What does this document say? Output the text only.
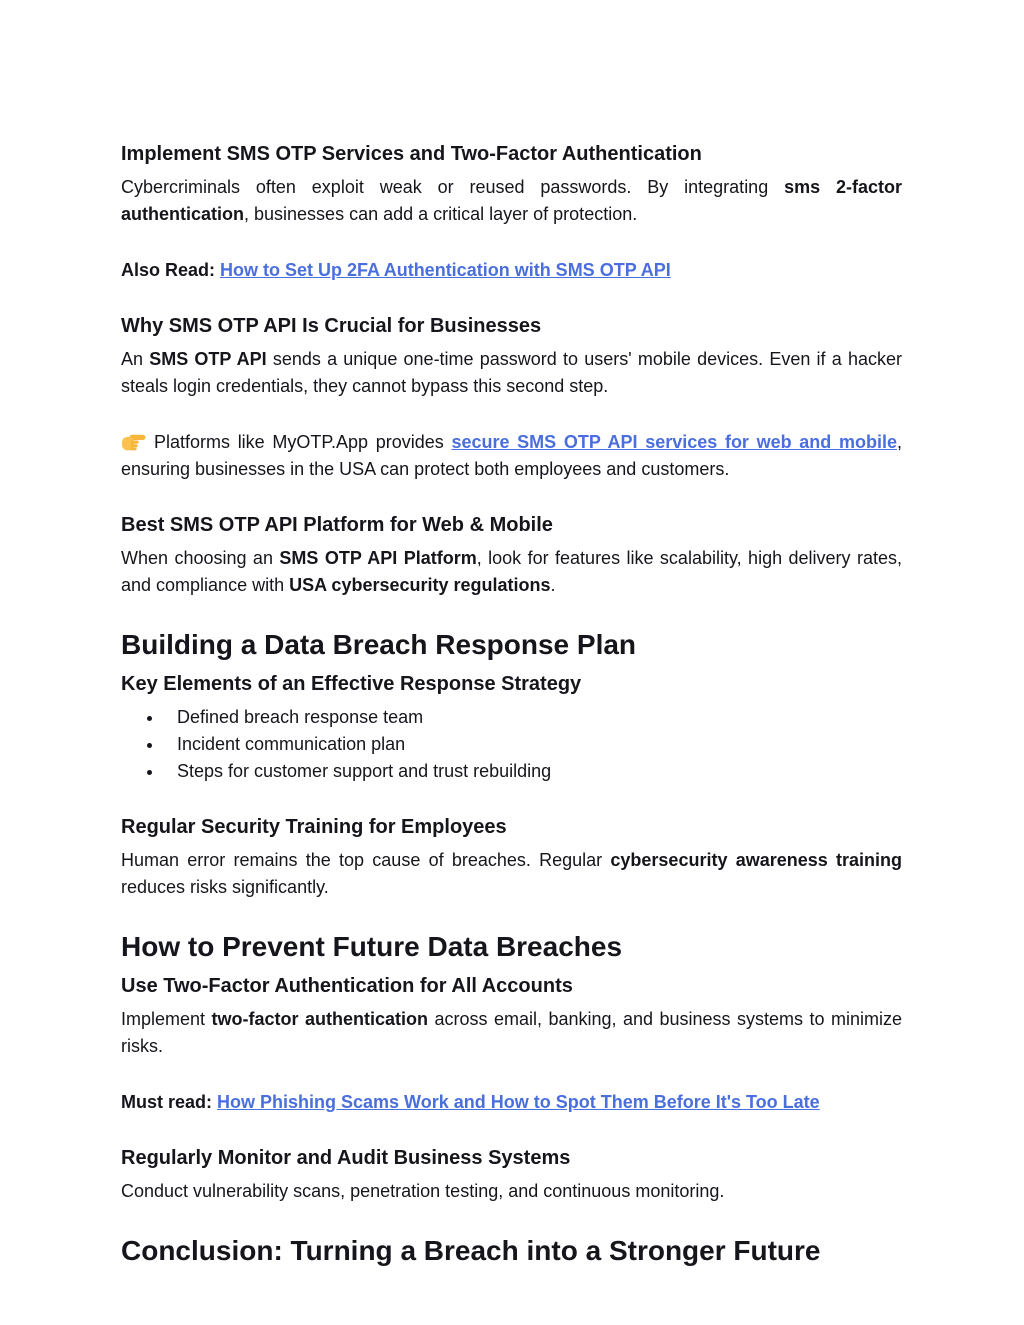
Implement SMS OTP Services and Two-Factor Authentication

Cybercriminals often exploit weak or reused passwords. By integrating sms 2-factor authentication, businesses can add a critical layer of protection.

Also Read: How to Set Up 2FA Authentication with SMS OTP API

Why SMS OTP API Is Crucial for Businesses

An SMS OTP API sends a unique one-time password to users' mobile devices. Even if a hacker steals login credentials, they cannot bypass this second step.

Platforms like MyOTP.App provides secure SMS OTP API services for web and mobile, ensuring businesses in the USA can protect both employees and customers.

Best SMS OTP API Platform for Web & Mobile

When choosing an SMS OTP API Platform, look for features like scalability, high delivery rates, and compliance with USA cybersecurity regulations.

Building a Data Breach Response Plan
Key Elements of an Effective Response Strategy
• Defined breach response team
• Incident communication plan
• Steps for customer support and trust rebuilding
Regular Security Training for Employees

Human error remains the top cause of breaches. Regular cybersecurity awareness training reduces risks significantly.

How to Prevent Future Data Breaches
Use Two-Factor Authentication for All Accounts

Implement two-factor authentication across email, banking, and business systems to minimize risks.

Must read: How Phishing Scams Work and How to Spot Them Before It's Too Late

Regularly Monitor and Audit Business Systems

Conduct vulnerability scans, penetration testing, and continuous monitoring.

Conclusion: Turning a Breach into a Stronger Future
